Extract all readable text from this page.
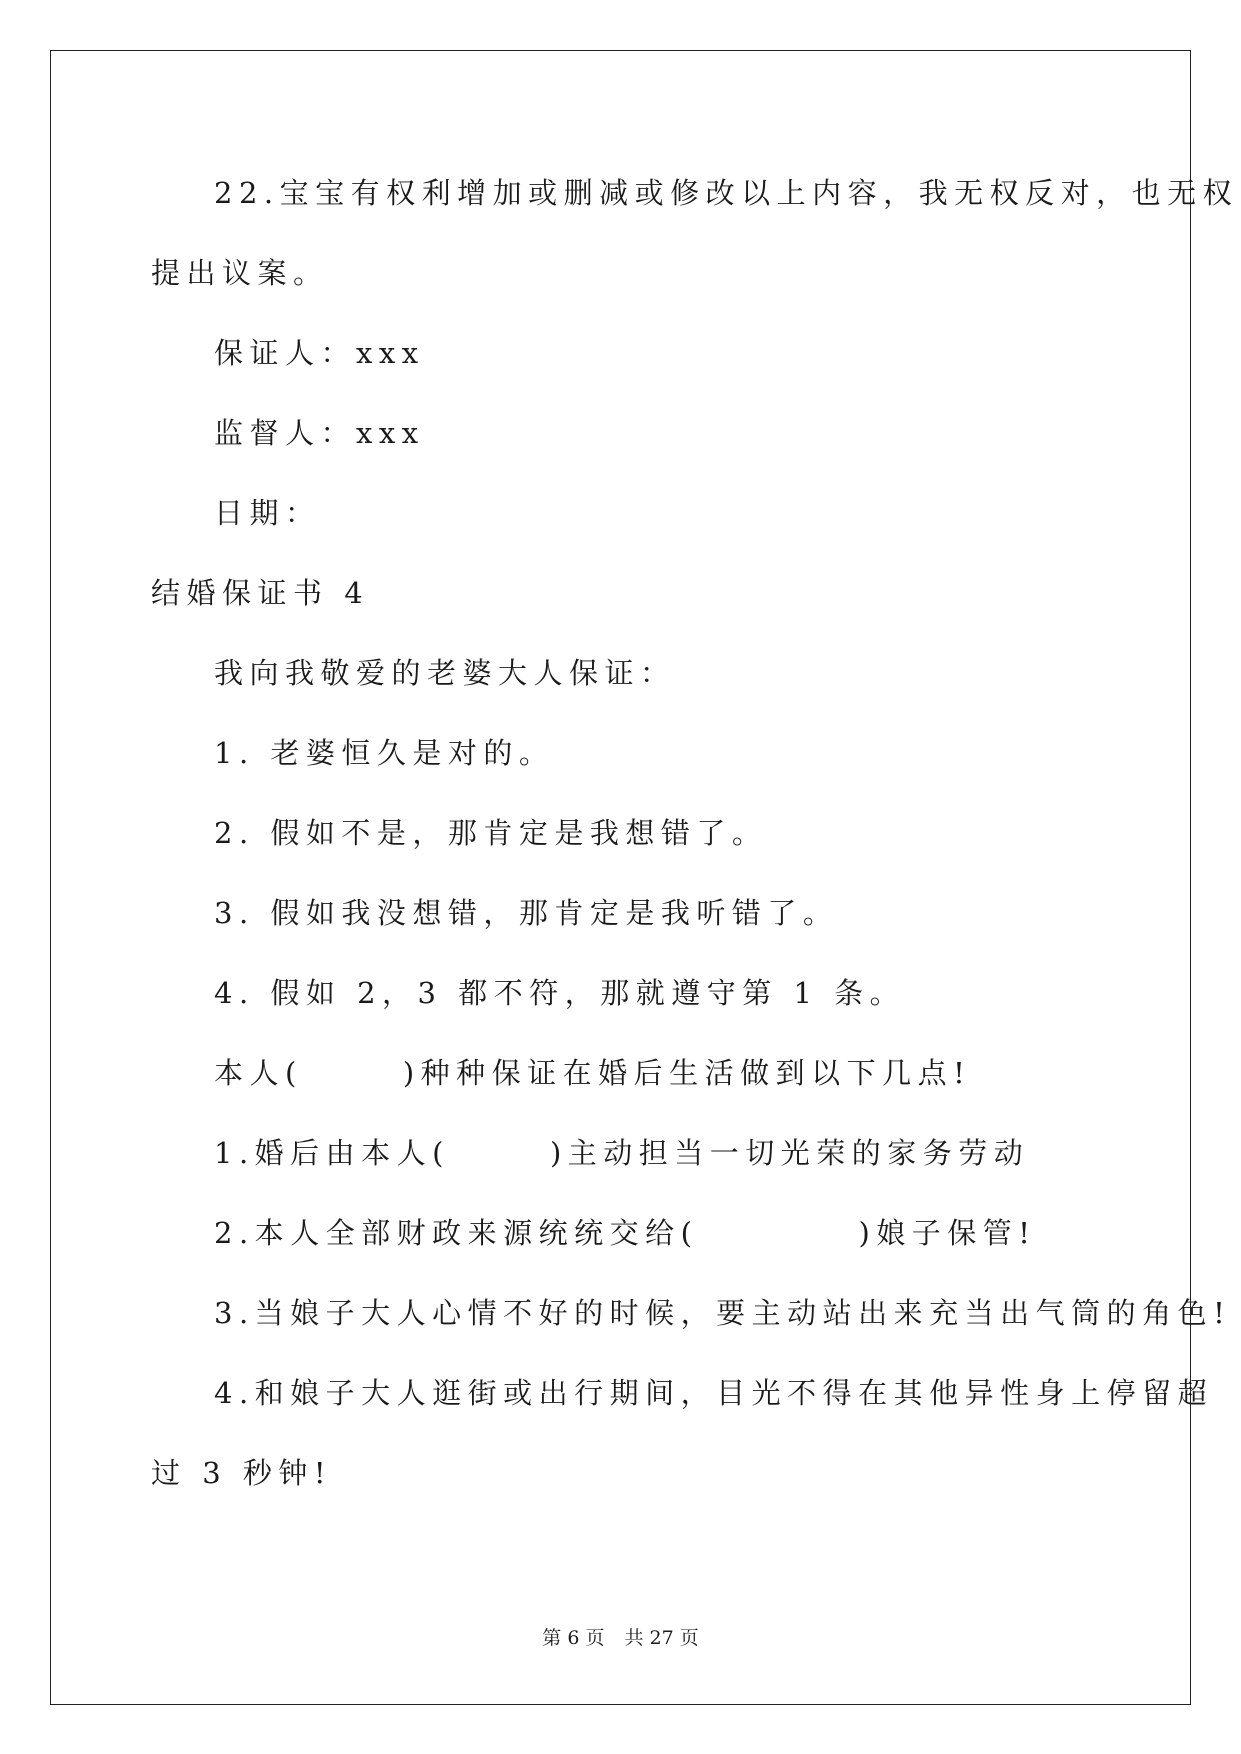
22.宝宝有权利增加或删减或修改以上内容，我无权反对，也无权
提出议案。
保证人：xxx
监督人：xxx
日期：
结婚保证书 4
我向我敬爱的老婆大人保证：
1. 老婆恒久是对的。
2. 假如不是，那肯定是我想错了。
3. 假如我没想错，那肯定是我听错了。
4. 假如 2，3 都不符，那就遵守第 1 条。
本人(	)种种保证在婚后生活做到以下几点!
1.婚后由本人(	)主动担当一切光荣的家务劳动
2.本人全部财政来源统统交给(	)娘子保管!
3.当娘子大人心情不好的时候，要主动站出来充当出气筒的角色!
4.和娘子大人逛街或出行期间，目光不得在其他异性身上停留超
过 3 秒钟!
第 6 页 共 27 页
